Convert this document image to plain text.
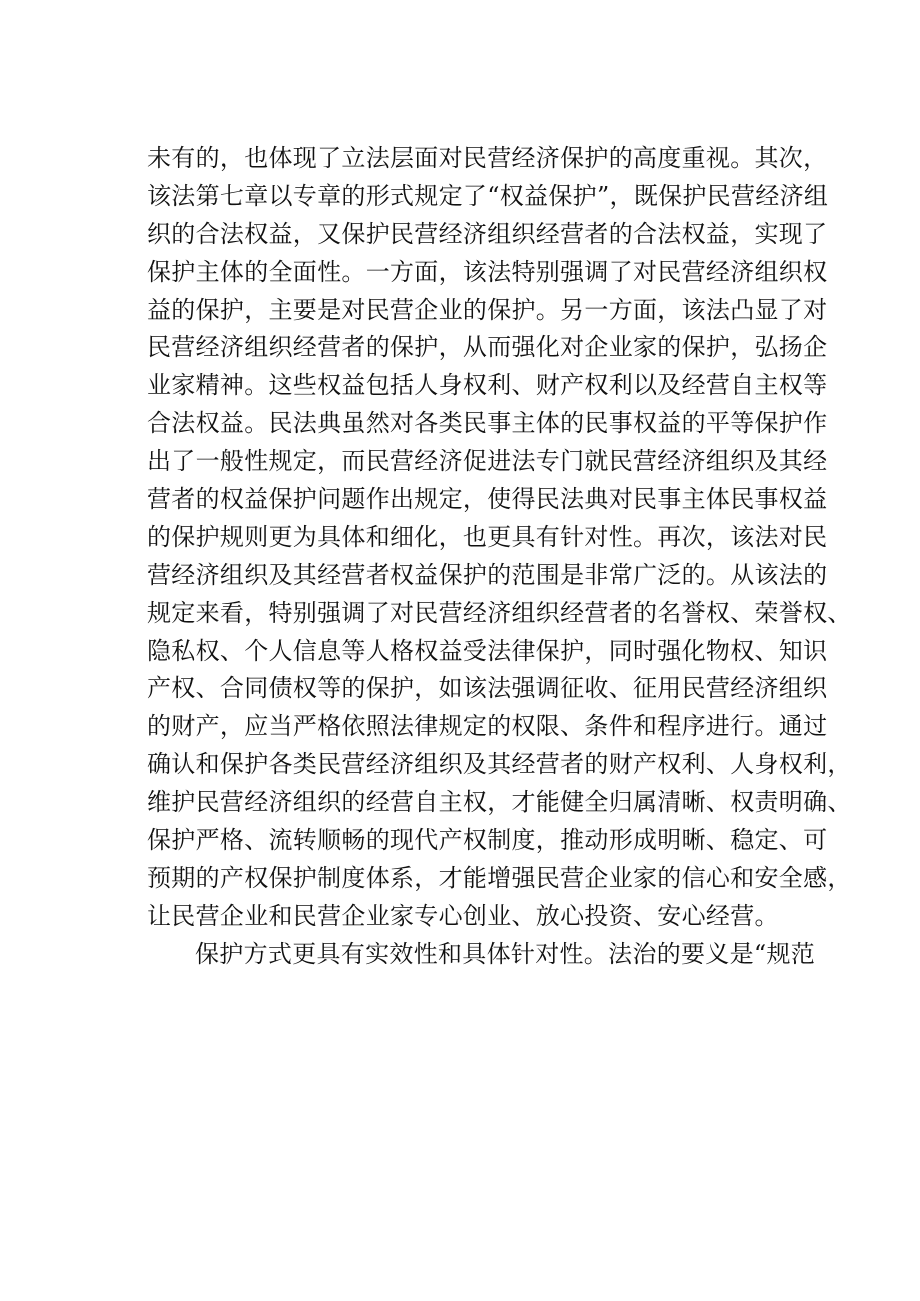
未有的，也体现了立法层面对民营经济保护的高度重视。其次，
该法第七章以专章的形式规定了“权益保护”，既保护民营经济组
织的合法权益，又保护民营经济组织经营者的合法权益，实现了
保护主体的全面性。一方面，该法特别强调了对民营经济组织权
益的保护，主要是对民营企业的保护。另一方面，该法凸显了对
民营经济组织经营者的保护，从而强化对企业家的保护，弘扬企
业家精神。这些权益包括人身权利、财产权利以及经营自主权等
合法权益。民法典虽然对各类民事主体的民事权益的平等保护作
出了一般性规定，而民营经济促进法专门就民营经济组织及其经
营者的权益保护问题作出规定，使得民法典对民事主体民事权益
的保护规则更为具体和细化，也更具有针对性。再次，该法对民
营经济组织及其经营者权益保护的范围是非常广泛的。从该法的
规定来看，特别强调了对民营经济组织经营者的名誉权、荣誉权、
隐私权、个人信息等人格权益受法律保护，同时强化物权、知识
产权、合同债权等的保护，如该法强调征收、征用民营经济组织
的财产，应当严格依照法律规定的权限、条件和程序进行。通过
确认和保护各类民营经济组织及其经营者的财产权利、人身权利，
维护民营经济组织的经营自主权，才能健全归属清晰、权责明确、
保护严格、流转顺畅的现代产权制度，推动形成明晰、稳定、可
预期的产权保护制度体系，才能增强民营企业家的信心和安全感，
让民营企业和民营企业家专心创业、放心投资、安心经营。
保护方式更具有实效性和具体针对性。法治的要义是“规范
